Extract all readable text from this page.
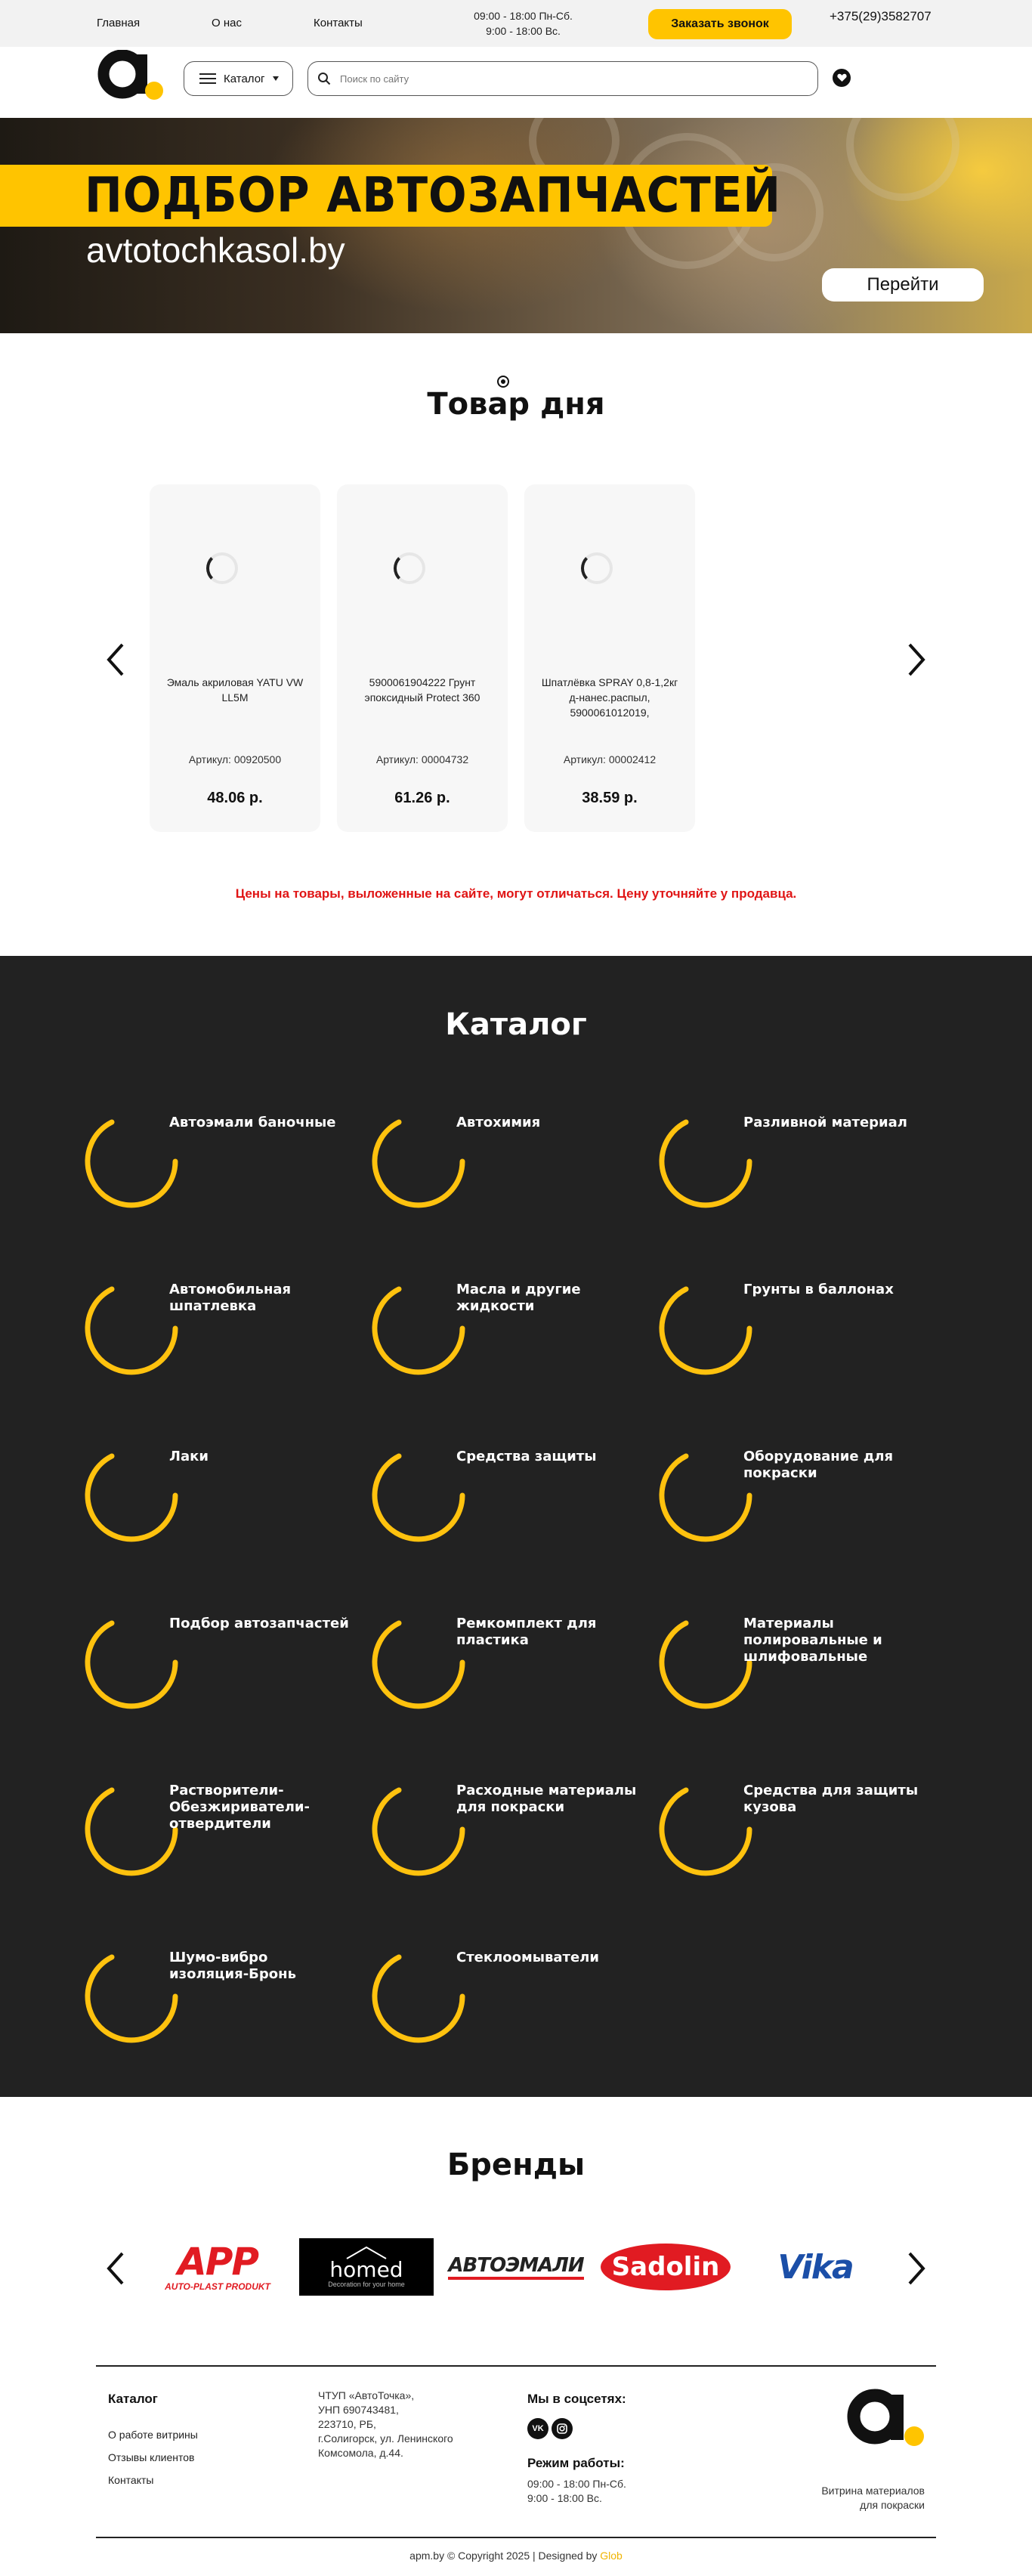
Главная	О нас	Контакты
09:00 - 18:00 Пн-Сб.
9:00 - 18:00 Вс.
Заказать звонок
+375(29)3582707
Каталог
Поиск по сайту
ПОДБОР АВТОЗАПЧАСТЕЙ
avtotochkasol.by
Перейти
Товар дня
Эмаль акриловая YATU VW LL5M
Артикул: 00920500
48.06 р.
5900061904222 Грунт эпоксидный Protect 360
Артикул: 00004732
61.26 р.
Шпатлёвка SPRAY 0,8-1,2кг д-нанес.распыл, 5900061012019,
Артикул: 00002412
38.59 р.
Цены на товары, выложенные на сайте, могут отличаться. Цену уточняйте у продавца.
Каталог
Автоэмали баночные	Автохимия	Разливной материал
Автомобильная шпатлевка
Масла и другие жидкости
Грунты в баллонах
Лаки	Средства защиты	Оборудование для покраски
Подбор автозапчастей	Ремкомплект для пластика
Материалы полировальные и шлифовальные
Растворители-Обезжириватели-отвердители
Расходные материалы для покраски
Средства для защиты кузова
Шумо-вибро изоляция-Бронь
Стеклоомыватели
Бренды
APP
AUTO-PLAST PRODUKT
homed
Decoration for your home
АВТОЭМАЛИ	Sadolin	Vika
Каталог
О работе витрины
Отзывы клиентов
Контакты
ЧТУП «АвтоТочка»,
УНП 690743481,
223710, РБ,
г.Солигорск, ул. Ленинского
Комсомола, д.44.
Мы в соцсетях:
VK
Режим работы:
09:00 - 18:00 Пн-Сб.
9:00 - 18:00 Вс.
Витрина материалов
для покраски
apm.by © Copyright 2025 | Designed by Glob
